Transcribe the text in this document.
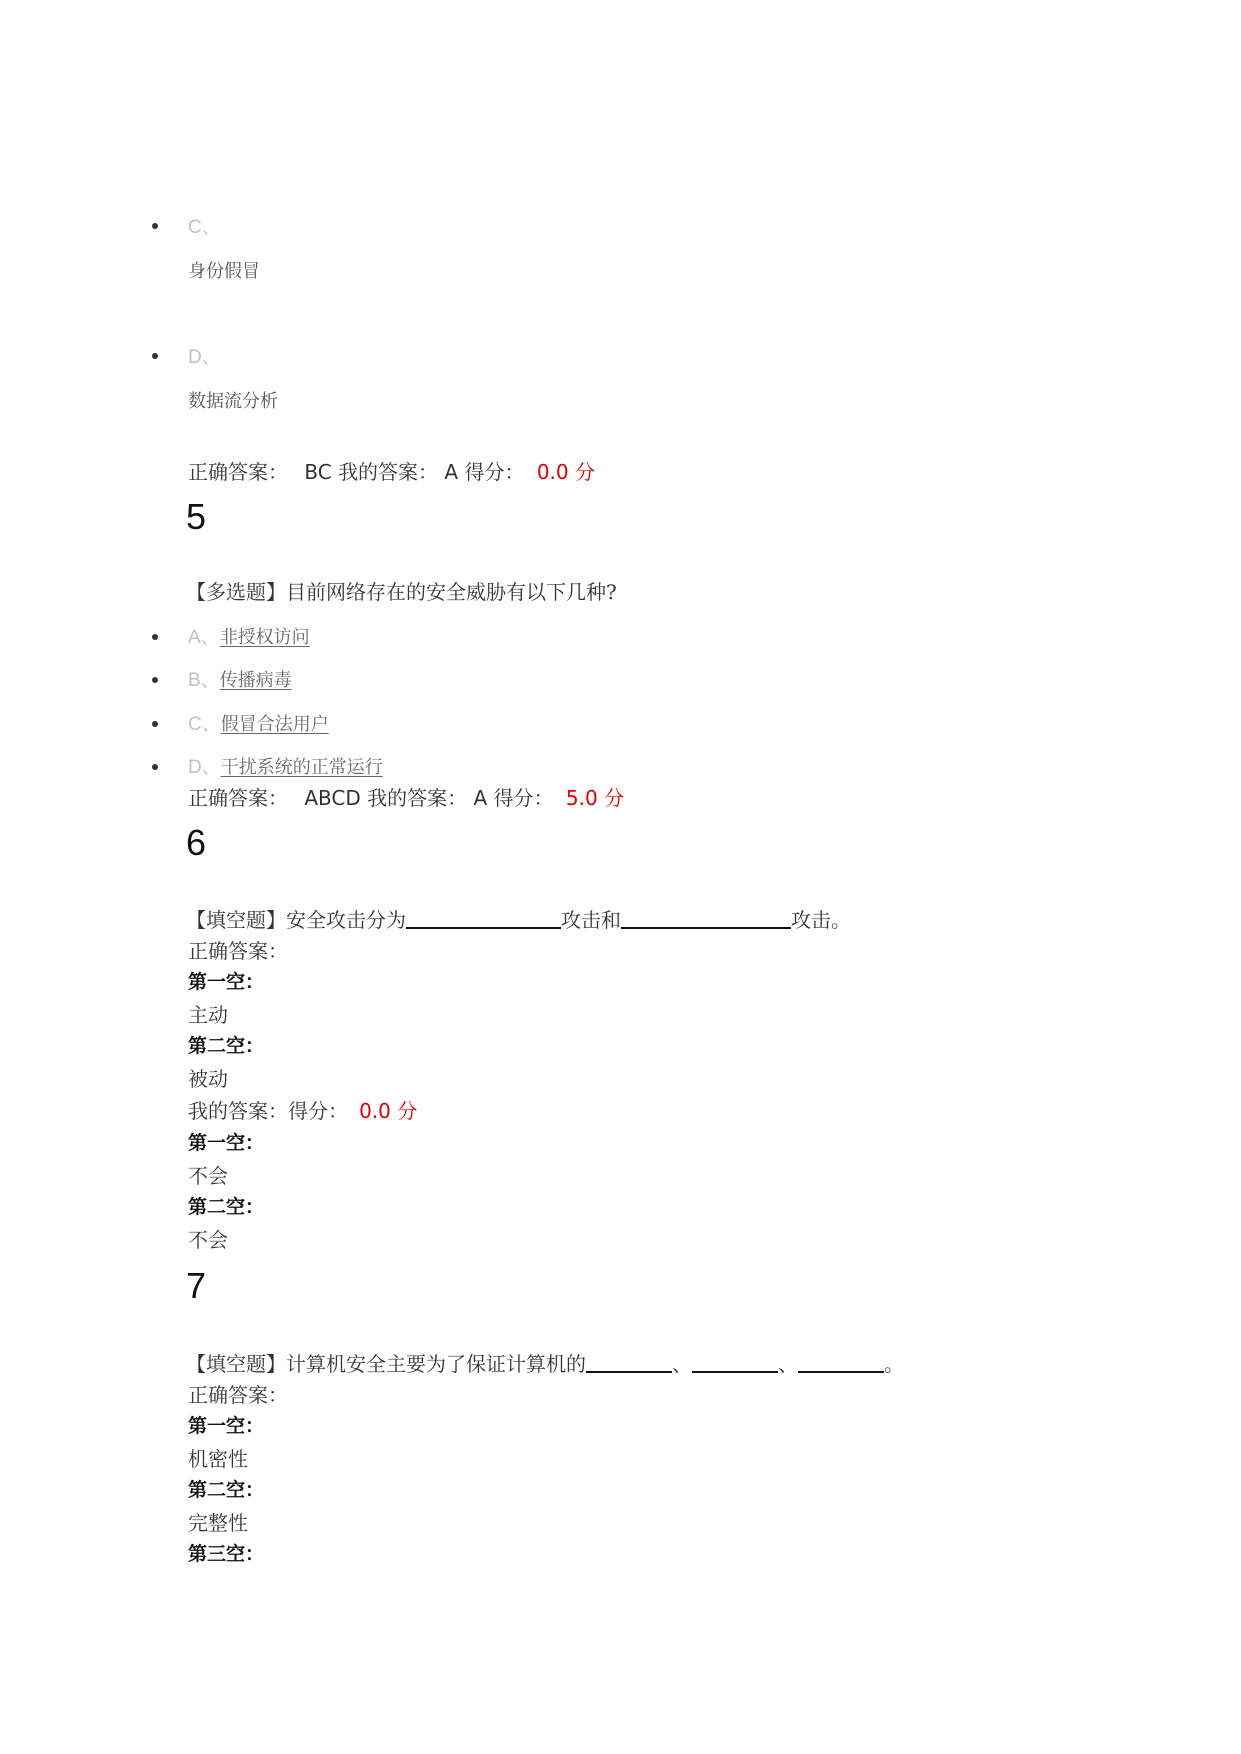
C、
身份假冒
D、
数据流分析
正确答案： BC 我的答案： A 得分： 0.0 分
5
【多选题】目前网络存在的安全威胁有以下几种?
A、非授权访问
B、传播病毒
C、假冒合法用户
D、干扰系统的正常运行
正确答案： ABCD 我的答案： A 得分： 5.0 分
6
【填空题】安全攻击分为	攻击和	攻击。
正确答案：
第一空：
主动
第二空：
被动
我的答案：得分： 0.0 分
第一空：
不会
第二空：
不会
7
【填空题】计算机安全主要为了保证计算机的	、	、	。
正确答案：
第一空：
机密性
第二空：
完整性
第三空：
